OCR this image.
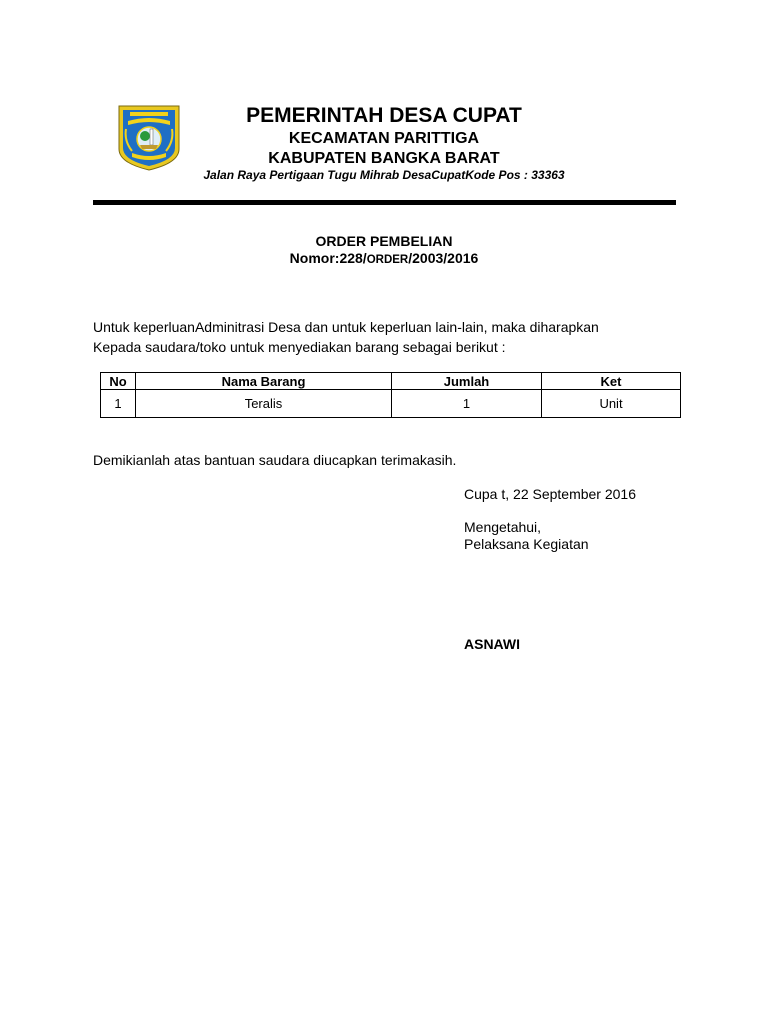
PEMERINTAH DESA CUPAT
KECAMATAN PARITTIGA
KABUPATEN BANGKA BARAT
Jalan Raya Pertigaan Tugu Mihrab DesaCupatKode Pos : 33363
ORDER PEMBELIAN
Nomor:228/ORDER/2003/2016
Untuk keperluanAdminitrasi Desa dan untuk keperluan lain-lain, maka diharapkan
Kepada saudara/toko untuk menyediakan barang sebagai berikut :
No	Nama Barang	Jumlah	Ket
1	Teralis	1	Unit
Demikianlah atas bantuan saudara diucapkan terimakasih.
Cupa t, 22 September 2016
Mengetahui,
Pelaksana Kegiatan
ASNAWI
